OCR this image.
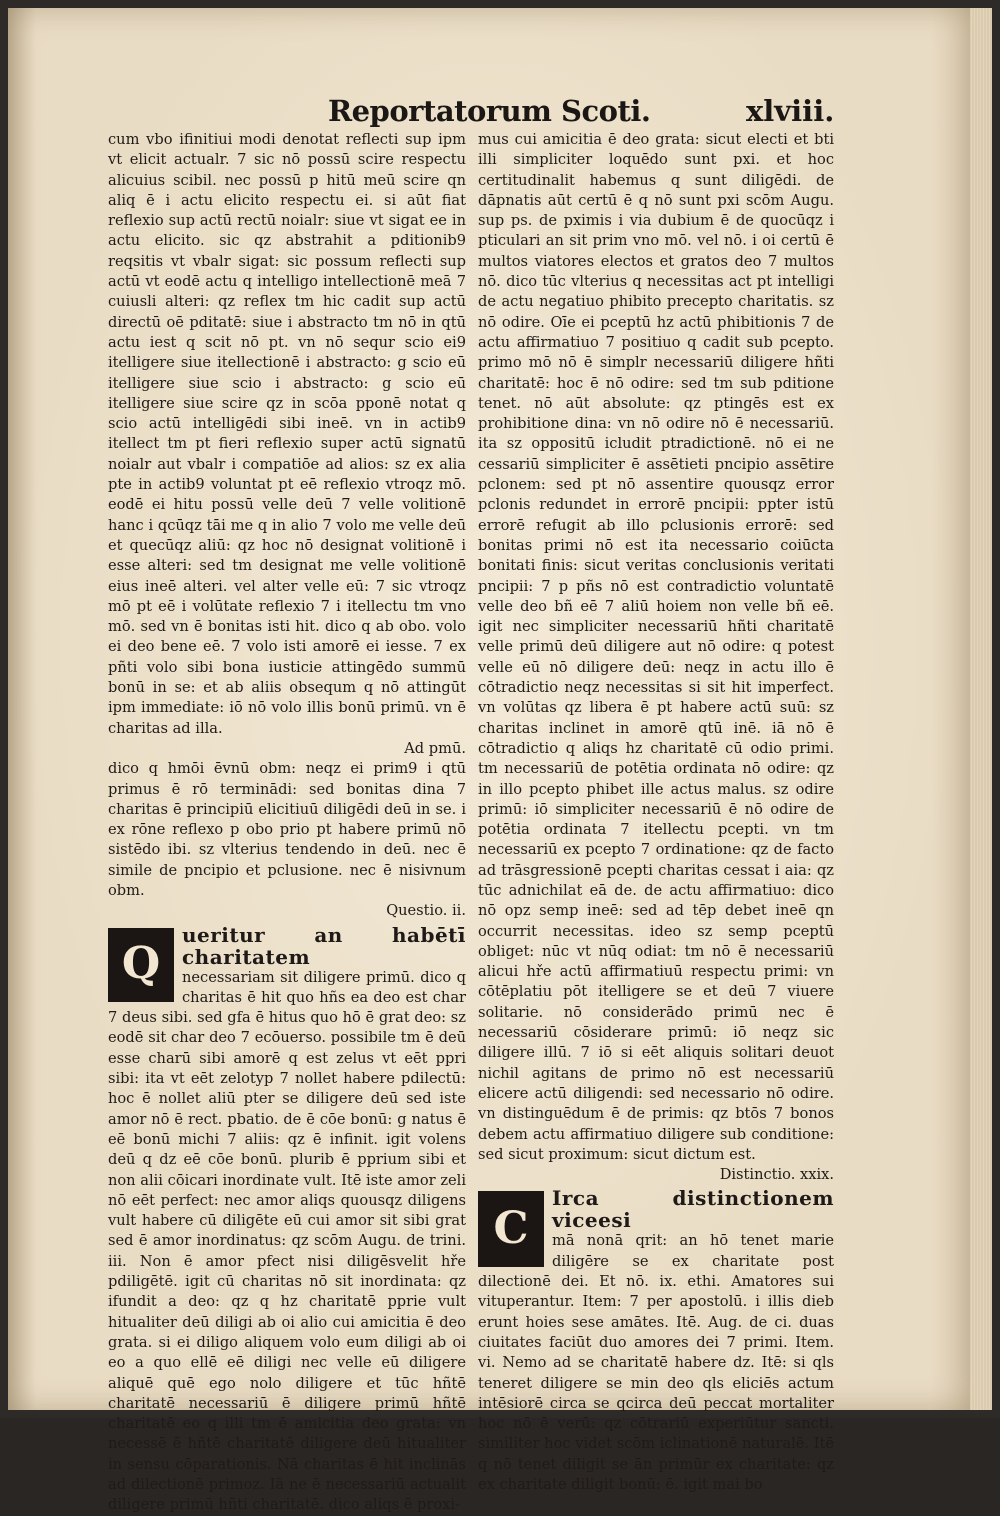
Reportatorum Scoti.	xlviii.

cum vbo ifinitiui modi denotat reflecti sup ipm vt elicit actualr. 7 sic nō possū scire respectu alicuius scibil. nec possū p hitū meū scire qn aliq ē i actu elicito respectu ei. si aūt fiat reflexio sup actū rectū noialr: siue vt sigat ee in actu elicito. sic qz abstrahit a pditionib9 reqsitis vt vbalr sigat: sic possum reflecti sup actū vt eodē actu q intelligo intellectionē meā 7 cuiusli alteri: qz reflex tm hic cadit sup actū directū oē pditatē: siue i abstracto tm nō in qtū actu iest q scit nō pt. vn nō sequr scio ei9 itelligere siue itellectionē i abstracto: g scio eū itelligere siue scio i abstracto: g scio eū itelligere siue scire qz in scōa pponē notat q scio actū intelligēdi sibi ineē. vn in actib9 itellect tm pt fieri reflexio super actū signatū noialr aut vbalr i compatiōe ad alios: sz ex alia pte in actib9 voluntat pt eē reflexio vtroqz mō. eodē ei hitu possū velle deū 7 velle volitionē hanc i qcūqz tāi me q in alio 7 volo me velle deū et quecūqz aliū: qz hoc nō designat volitionē i esse alteri: sed tm designat me velle volitionē eius ineē alteri. vel alter velle eū: 7 sic vtroqz mō pt eē i volūtate reflexio 7 i itellectu tm vno mō. sed vn ē bonitas isti hit. dico q ab obo. volo ei deo bene eē. 7 volo isti amorē ei iesse. 7 ex pñti volo sibi bona iusticie attingēdo summū bonū in se: et ab aliis obsequm q nō attingūt ipm immediate: iō nō volo illis bonū primū. vn ē charitas ad illa.

Ad pmū.

dico q hmōi ēvnū obm: neqz ei prim9 i qtū primus ē rō terminādi: sed bonitas dina 7 charitas ē principiū elicitiuū diligēdi deū in se. i ex rōne reflexo p obo prio pt habere primū nō sistēdo ibi. sz vlterius tendendo in deū. nec ē simile de pncipio et pclusione. nec ē nisivnum obm.

Questio. ii.

Q
ueritur an habētī charitatem

necessariam sit diligere primū. dico q charitas ē hit quo hñs ea deo est char 7 deus sibi. sed gfa ē hitus quo hō ē grat deo: sz eodē sit char deo 7 ecōuerso. possibile tm ē deū esse charū sibi amorē q est zelus vt eēt ppri sibi: ita vt eēt zelotyp 7 nollet habere pdilectū: hoc ē nollet aliū pter se diligere deū sed iste amor nō ē rect. pbatio. de ē cōe bonū: g natus ē eē bonū michi 7 aliis: qz ē infinit. igit volens deū q dz eē cōe bonū. plurib ē pprium sibi et non alii cōicari inordinate vult. Itē iste amor zeli nō eēt perfect: nec amor aliqs quousqz diligens vult habere cū diligēte eū cui amor sit sibi grat sed ē amor inordinatus: qz scōm Augu. de trini. iii. Non ē amor pfect nisi diligēsvelit hře pdiligētē. igit cū charitas nō sit inordinata: qz ifundit a deo: qz q hz charitatē pprie vult hitualiter deū diligi ab oi alio cui amicitia ē deo grata. si ei diligo aliquem volo eum diligi ab oi eo a quo ellē eē diligi nec velle eū diligere aliquē quē ego nolo diligere et tūc hñtē charitatē necessariū ē diligere primū hñtē charitatē eo q illi tm ē amicitia deo grata: vn necessē ē hñtē charitatē diligere deū hitualiter in sensu cōparationis. Nā charitas ē hit inclinās ad dilectionē primoz. Iā ne ē necessariū actualit diligere primū hñti charitatē. dico aliqs ē proxi-

mus cui amicitia ē deo grata: sicut electi et bti illi simpliciter loquēdo sunt pxi. et hoc certitudinalit habemus q sunt diligēdi. de dāpnatis aūt certū ē q nō sunt pxi scōm Augu. sup ps. de pximis i via dubium ē de quocūqz i pticulari an sit prim vno mō. vel nō. i oi certū ē multos viatores electos et gratos deo 7 multos nō. dico tūc vlterius q necessitas act pt intelligi de actu negatiuo phibito precepto charitatis. sz nō odire. Oīe ei pceptū hz actū phibitionis 7 de actu affirmatiuo 7 positiuo q cadit sub pcepto. primo mō nō ē simplr necessariū diligere hñti charitatē: hoc ē nō odire: sed tm sub pditione tenet. nō aūt absolute: qz ptingēs est ex prohibitione dina: vn nō odire nō ē necessariū. ita sz oppositū icludit ptradictionē. nō ei ne cessariū simpliciter ē assētieti pncipio assētire pclonem: sed pt nō assentire quousqz error pclonis redundet in errorē pncipii: ppter istū errorē refugit ab illo pclusionis errorē: sed bonitas primi nō est ita necessario coiūcta bonitati finis: sicut veritas conclusionis veritati pncipii: 7 p pñs nō est contradictio voluntatē velle deo bñ eē 7 aliū hoiem non velle bñ eē. igit nec simpliciter necessariū hñti charitatē velle primū deū diligere aut nō odire: q potest velle eū nō diligere deū: neqz in actu illo ē cōtradictio neqz necessitas si sit hit imperfect. vn volūtas qz libera ē pt habere actū suū: sz charitas inclinet in amorē qtū inē. iā nō ē cōtradictio q aliqs hz charitatē cū odio primi. tm necessariū de potētia ordinata nō odire: qz in illo pcepto phibet ille actus malus. sz odire primū: iō simpliciter necessariū ē nō odire de potētia ordinata 7 itellectu pcepti. vn tm necessariū ex pcepto 7 ordinatione: qz de facto ad trāsgressionē pcepti charitas cessat i aia: qz tūc adnichilat eā de. de actu affirmatiuo: dico nō opz semp ineē: sed ad tēp debet ineē qn occurrit necessitas. ideo sz semp pceptū obliget: nūc vt nūq odiat: tm nō ē necessariū alicui hře actū affirmatiuū respectu primi: vn cōtēplatiu pōt itelligere se et deū 7 viuere solitarie. nō considerādo primū nec ē necessariū cōsiderare primū: iō neqz sic diligere illū. 7 iō si eēt aliquis solitari deuot nichil agitans de primo nō est necessariū elicere actū diligendi: sed necessario nō odire. vn distinguēdum ē de primis: qz btōs 7 bonos debem actu affirmatiuo diligere sub conditione: sed sicut proximum: sicut dictum est.

Distinctio. xxix.

C
Irca distinctionem viceesi

mā nonā qrit: an hō tenet marie diligēre se ex charitate post dilectionē dei. Et nō. ix. ethi. Amatores sui vituperantur. Item: 7 per apostolū. i illis dieb erunt hoies sese amātes. Itē. Aug. de ci. duas ciuitates faciūt duo amores dei 7 primi. Item. vi. Nemo ad se charitatē habere dz. Itē: si qls teneret diligere se min deo qls eliciēs actum intēsiorē circa se qcirca deū peccat mortaliter hoc nō ē verū: qz cōtrariū experiūtur sancti. similiter hoc videt scōm iclinationē naturalē. Itē q nō tenet diligit se ān primūr ex charitate: qz ex charitate diligit bonū: ē. igit mai bo
